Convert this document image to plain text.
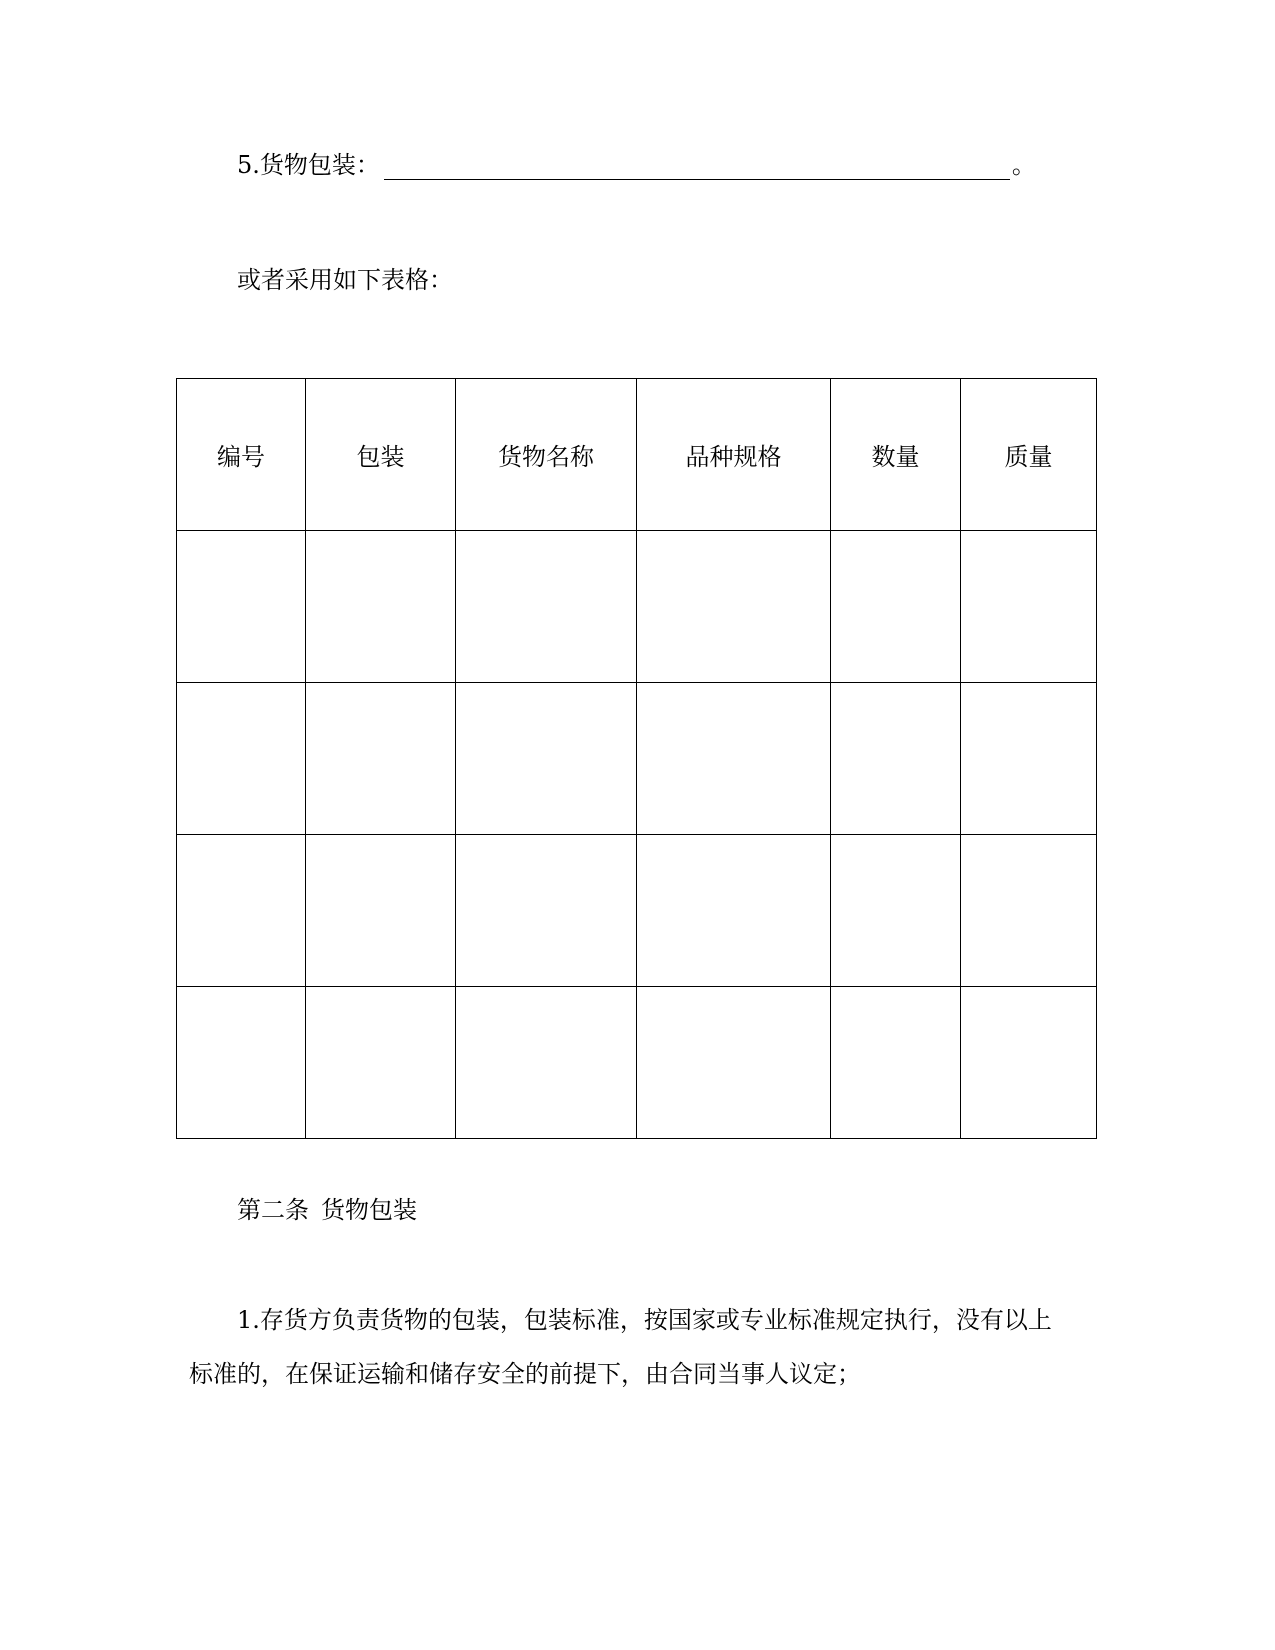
5.货物包装：	。
或者采用如下表格：
编号	包装	货物名称	品种规格	数量	质量

第二条 货物包装
1.存货方负责货物的包装，包装标准，按国家或专业标准规定执行，没有以上
标准的，在保证运输和储存安全的前提下，由合同当事人议定；
